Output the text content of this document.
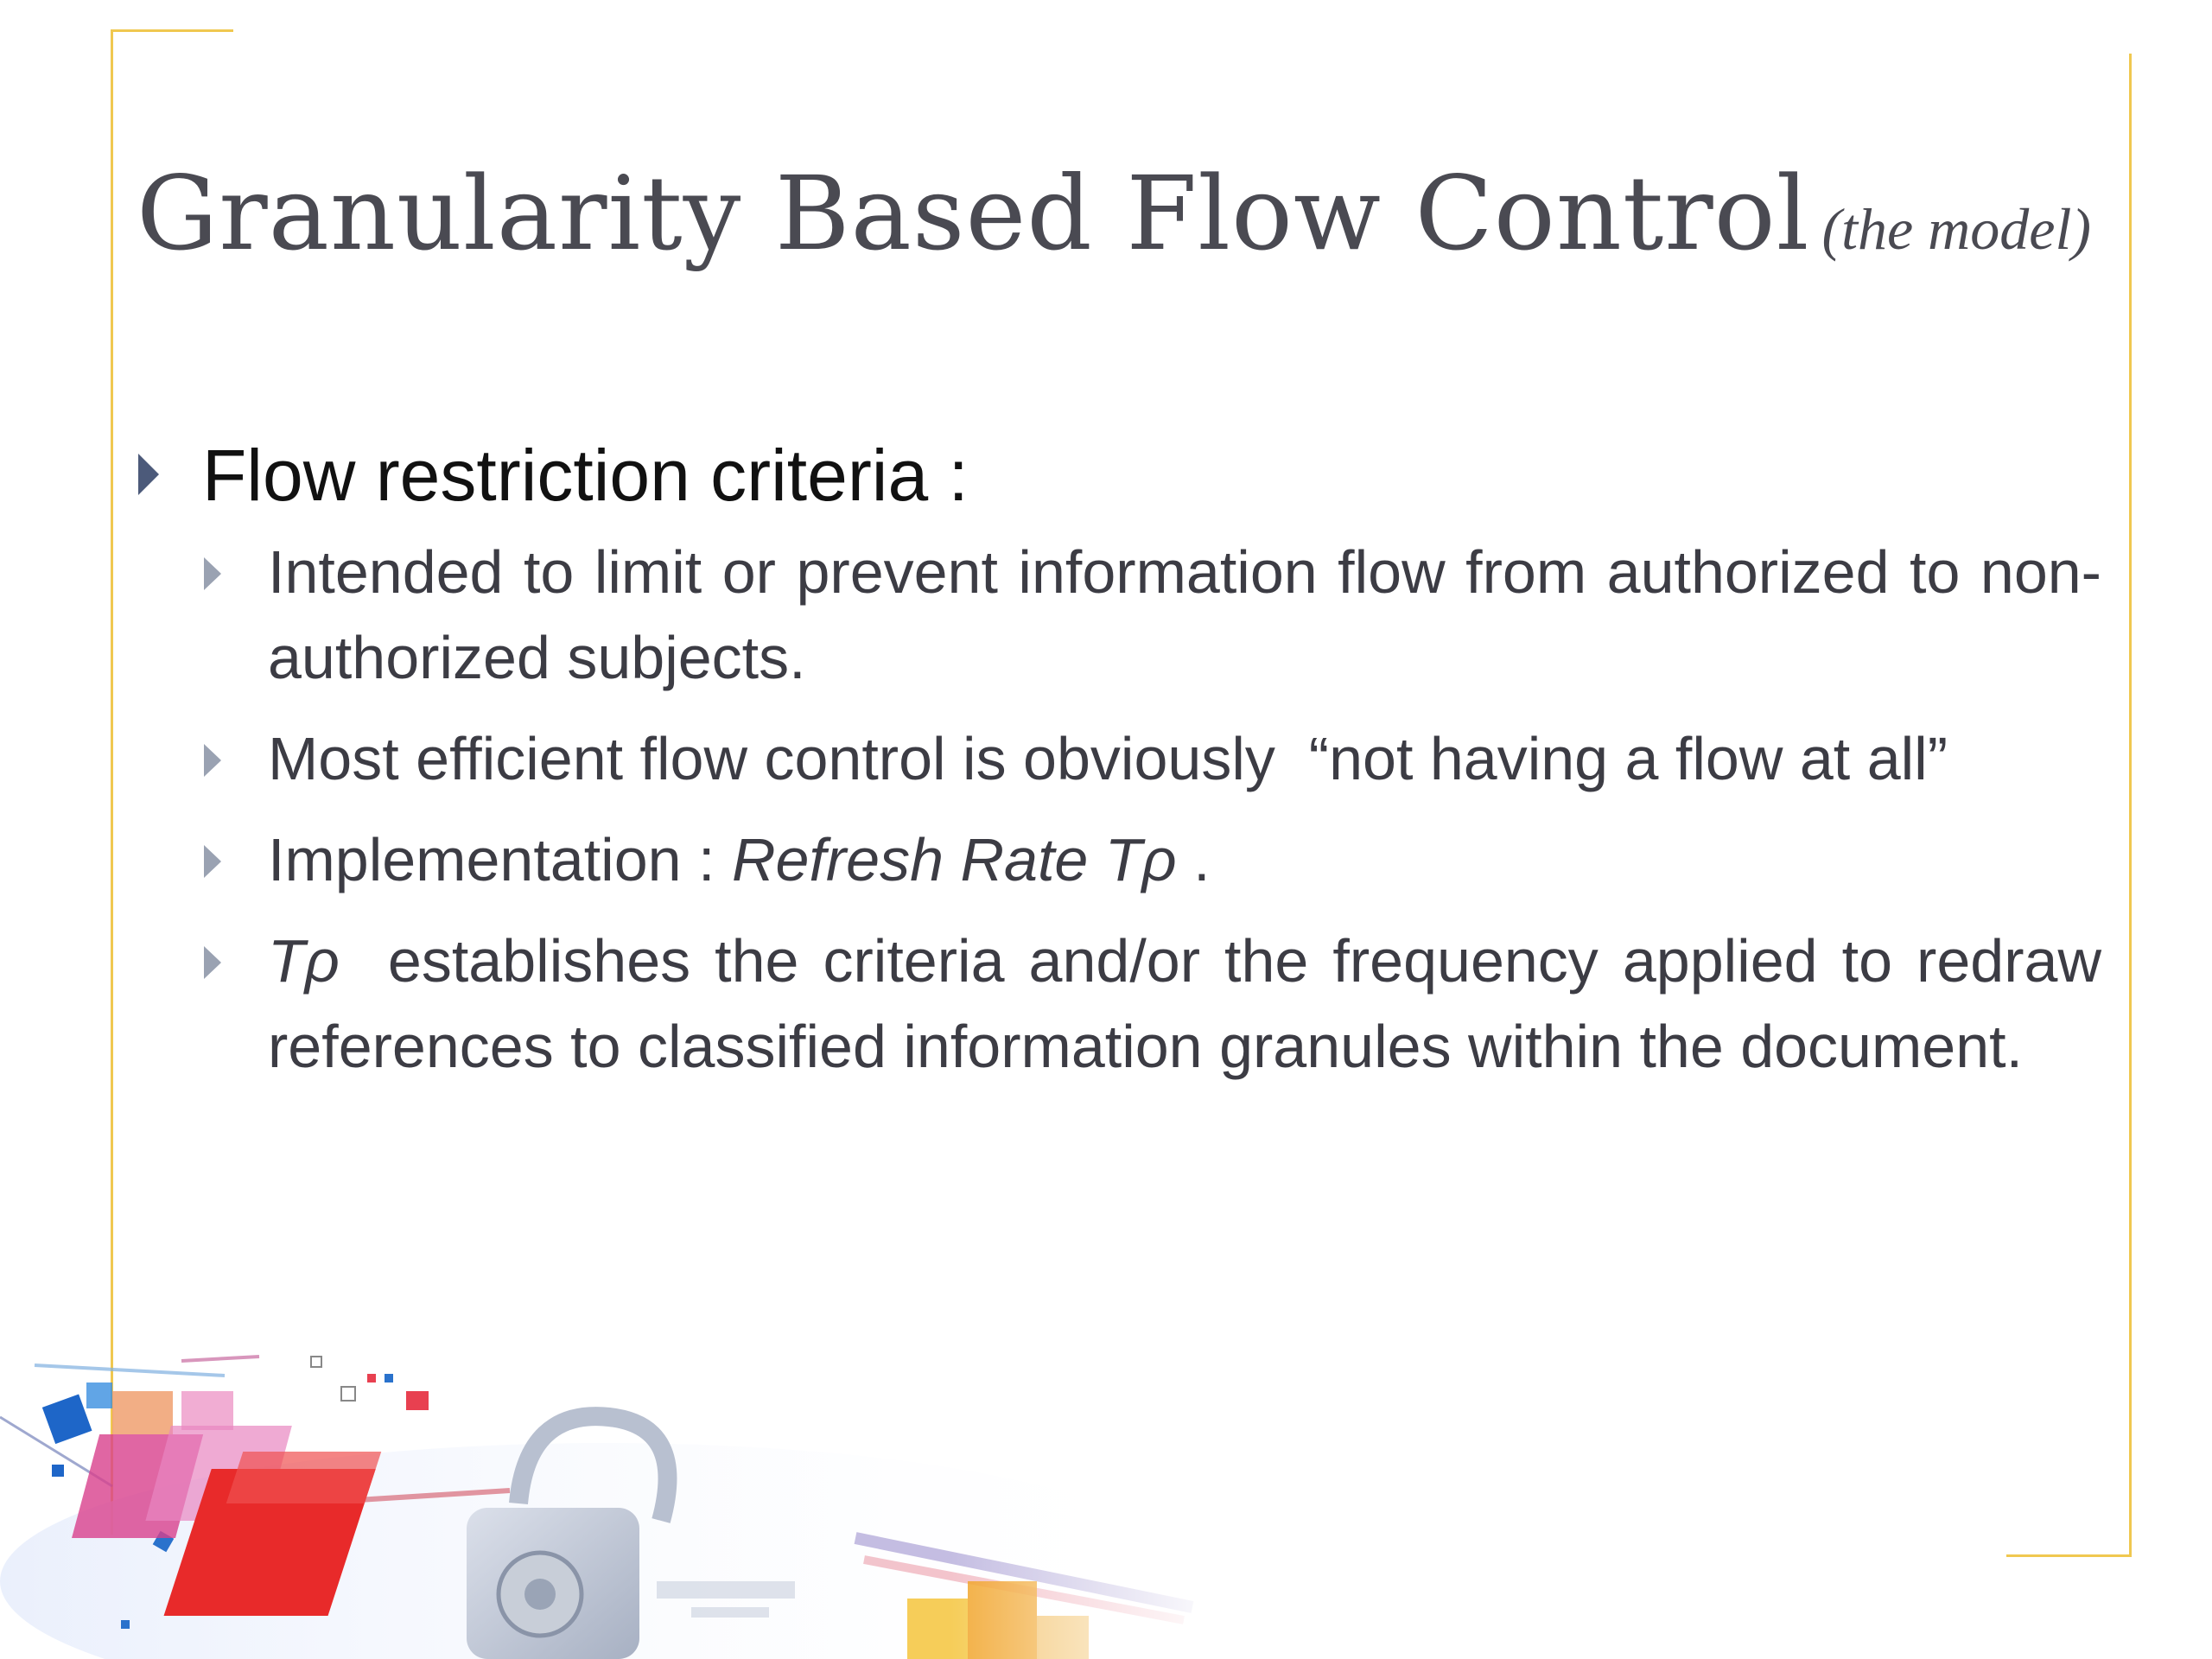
Granularity Based Flow Control (the model)
Flow restriction criteria :
Intended to limit or prevent information flow from authorized to non-authorized subjects.
Most efficient flow control is obviously  “not having a flow at all”
Implementation : Refresh Rate Tρ .
Tρ  establishes the criteria and/or the frequency applied to redraw references to classified information granules within the document.
